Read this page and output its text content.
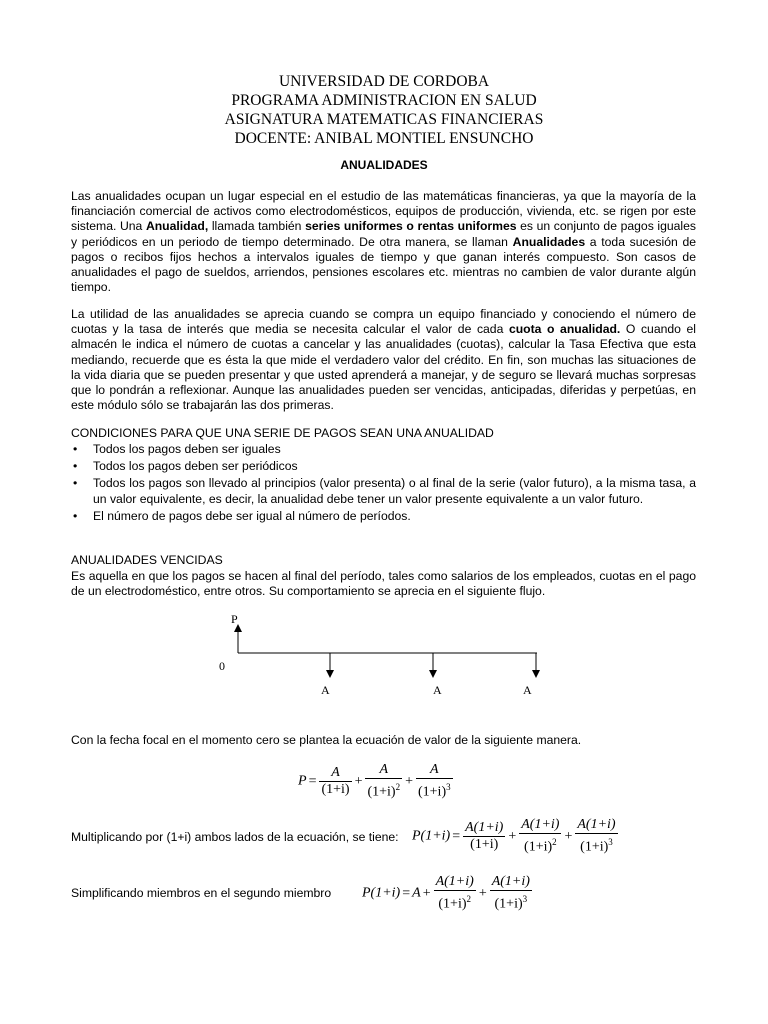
UNIVERSIDAD DE CORDOBA
PROGRAMA ADMINISTRACION EN SALUD
ASIGNATURA MATEMATICAS FINANCIERAS
DOCENTE: ANIBAL MONTIEL ENSUNCHO
ANUALIDADES
Las anualidades ocupan un lugar especial en el estudio de las matemáticas financieras, ya que la mayoría de la financiación comercial de activos como electrodomésticos, equipos de producción, vivienda, etc. se rigen por este sistema. Una Anualidad, llamada también series uniformes o rentas uniformes es un conjunto de pagos iguales y periódicos en un periodo de tiempo determinado. De otra manera, se llaman Anualidades a toda sucesión de pagos o recibos fijos hechos a intervalos iguales de tiempo y que ganan interés compuesto. Son casos de anualidades el pago de sueldos, arriendos, pensiones escolares etc. mientras no cambien de valor durante algún tiempo.
La utilidad de las anualidades se aprecia cuando se compra un equipo financiado y conociendo el número de cuotas y la tasa de interés que media se necesita calcular el valor de cada cuota o anualidad. O cuando el almacén le indica el número de cuotas a cancelar y las anualidades (cuotas), calcular la Tasa Efectiva que esta mediando, recuerde que es ésta la que mide el verdadero valor del crédito. En fin, son muchas las situaciones de la vida diaria que se pueden presentar y que usted aprenderá a manejar, y de seguro se llevará muchas sorpresas que lo pondrán a reflexionar. Aunque las anualidades pueden ser vencidas, anticipadas, diferidas y perpetúas, en este módulo sólo se trabajarán las dos primeras.
CONDICIONES PARA QUE UNA SERIE DE PAGOS SEAN UNA ANUALIDAD
• Todos los pagos deben ser iguales
• Todos los pagos deben ser periódicos
• Todos los pagos son llevado al principios (valor presenta) o al final de la serie (valor futuro), a la misma tasa, a un valor equivalente, es decir, la anualidad debe tener un valor presente equivalente a un valor futuro.
• El número de pagos debe ser igual al número de períodos.
ANUALIDADES VENCIDAS
Es aquella en que los pagos se hacen al final del período, tales como salarios de los empleados, cuotas en el pago de un electrodoméstico, entre otros. Su comportamiento se aprecia en el siguiente flujo.
P
0
A	A	A
Con la fecha focal en el momento cero se plantea la ecuación de valor de la siguiente manera.
$P = \frac{A}{(1+i)} + \frac{A}{(1+i)^2} + \frac{A}{(1+i)^3}$
Multiplicando por (1+i) ambos lados de la ecuación, se tiene: $P(1+i) = \frac{A(1+i)}{(1+i)} + \frac{A(1+i)}{(1+i)^2} + \frac{A(1+i)}{(1+i)^3}$
Simplificando miembros en el segundo miembro $P(1+i) = A + \frac{A(1+i)}{(1+i)^2} + \frac{A(1+i)}{(1+i)^3}$
